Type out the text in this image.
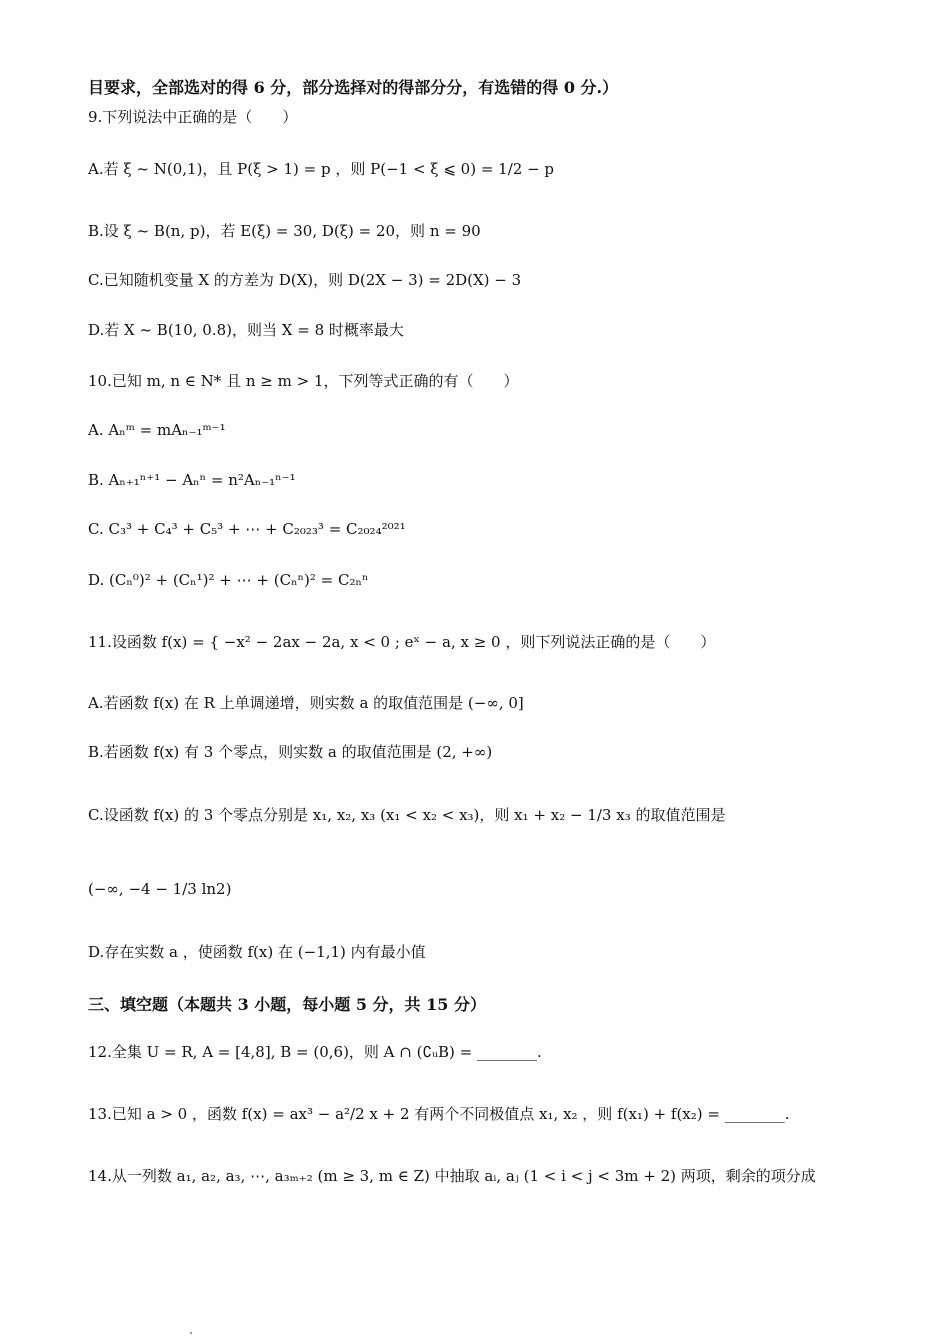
目要求，全部选对的得 6 分，部分选择对的得部分分，有选错的得 0 分.）
9.下列说法中正确的是（　　）
A.若 ξ ~ N(0,1)，且 P(ξ > 1) = p ，则 P(−1 < ξ ⩽ 0) = 1/2 − p
B.设 ξ ~ B(n, p)，若 E(ξ) = 30, D(ξ) = 20，则 n = 90
C.已知随机变量 X 的方差为 D(X)，则 D(2X − 3) = 2D(X) − 3
D.若 X ~ B(10, 0.8)，则当 X = 8 时概率最大
10.已知 m, n ∈ N* 且 n ≥ m > 1，下列等式正确的有（　　）
A. Aₙᵐ = mAₙ₋₁ᵐ⁻¹
B. Aₙ₊₁ⁿ⁺¹ − Aₙⁿ = n²Aₙ₋₁ⁿ⁻¹
C. C₃³ + C₄³ + C₅³ + ⋯ + C₂₀₂₃³ = C₂₀₂₄²⁰²¹
D. (Cₙ⁰)² + (Cₙ¹)² + ⋯ + (Cₙⁿ)² = C₂ₙⁿ
11.设函数 f(x) = { −x² − 2ax − 2a, x < 0 ; eˣ − a, x ≥ 0 ，则下列说法正确的是（　　）
A.若函数 f(x) 在 R 上单调递增，则实数 a 的取值范围是 (−∞, 0]
B.若函数 f(x) 有 3 个零点，则实数 a 的取值范围是 (2, +∞)
C.设函数 f(x) 的 3 个零点分别是 x₁, x₂, x₃ (x₁ < x₂ < x₃)，则 x₁ + x₂ − 1/3 x₃ 的取值范围是
(−∞, −4 − 1/3 ln2)
D.存在实数 a ，使函数 f(x) 在 (−1,1) 内有最小值
三、填空题（本题共 3 小题，每小题 5 分，共 15 分）
12.全集 U = R, A = [4,8], B = (0,6)，则 A ∩ (∁ᵤB) = ________.
13.已知 a > 0 ，函数 f(x) = ax³ − a²/2 x + 2 有两个不同极值点 x₁, x₂ ，则 f(x₁) + f(x₂) = ________.
14.从一列数 a₁, a₂, a₃, ⋯, a₃ₘ₊₂ (m ≥ 3, m ∈ Z) 中抽取 aᵢ, aⱼ (1 < i < j < 3m + 2) 两项，剩余的项分成
